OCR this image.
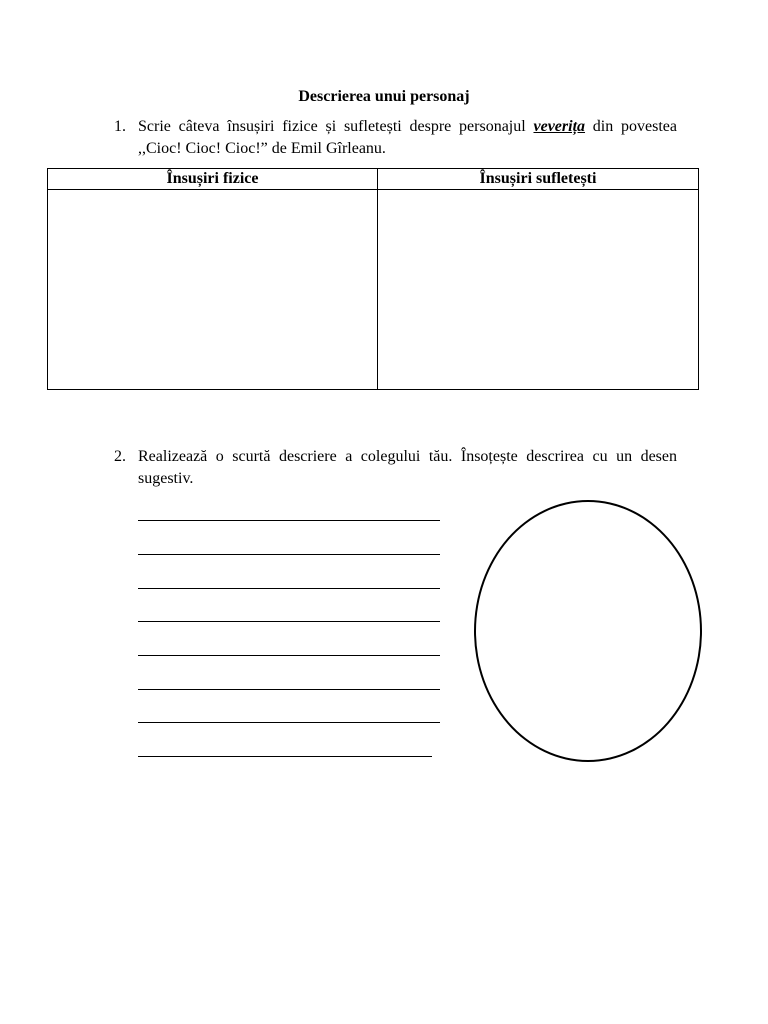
Descrierea unui personaj
1. Scrie câteva însușiri fizice și sufletești despre personajul veverița din povestea ,,Cioc! Cioc! Cioc!” de Emil Gîrleanu.
Însușiri fizice	Însușiri sufletești

2. Realizează o scurtă descriere a colegului tău. Însoțește descrirea cu un desen sugestiv.
